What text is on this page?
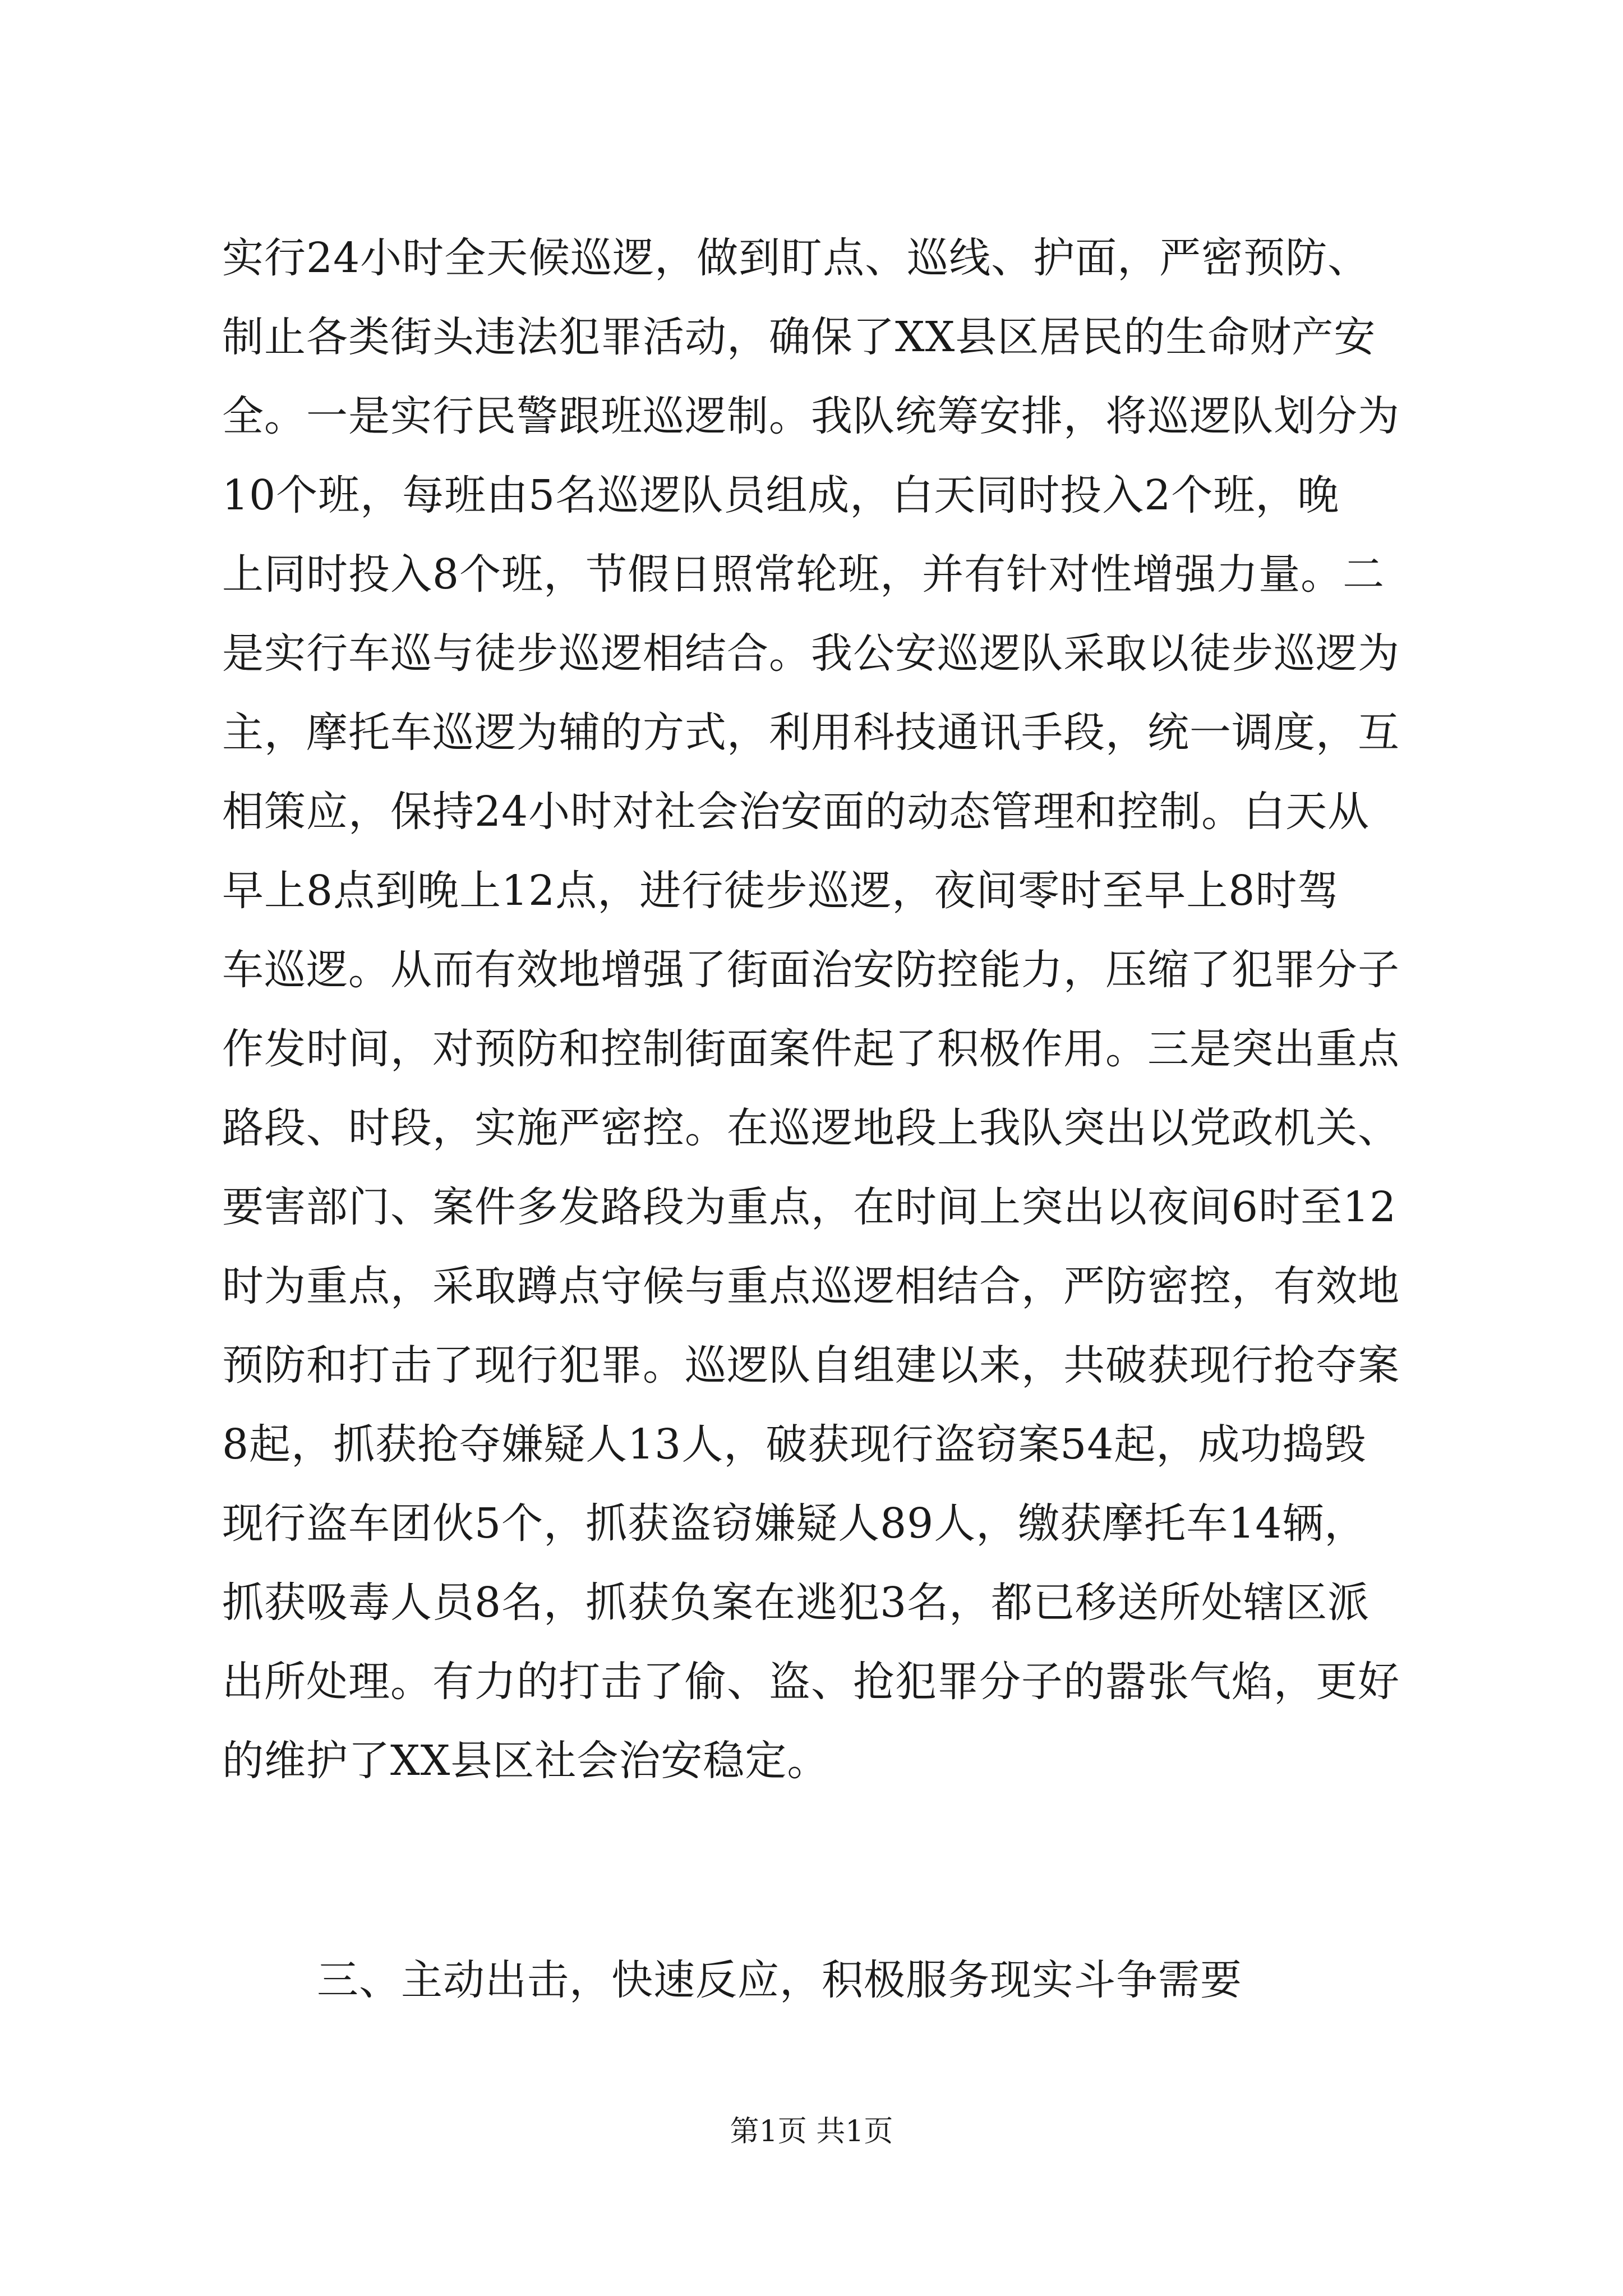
实行24小时全天候巡逻，做到盯点、巡线、护面，严密预防、
制止各类街头违法犯罪活动，确保了XX县区居民的生命财产安
全。一是实行民警跟班巡逻制。我队统筹安排，将巡逻队划分为
10个班，每班由5名巡逻队员组成，白天同时投入2个班，晚
上同时投入8个班，节假日照常轮班，并有针对性增强力量。二
是实行车巡与徒步巡逻相结合。我公安巡逻队采取以徒步巡逻为
主，摩托车巡逻为辅的方式，利用科技通讯手段，统一调度，互
相策应，保持24小时对社会治安面的动态管理和控制。白天从
早上8点到晚上12点，进行徒步巡逻，夜间零时至早上8时驾
车巡逻。从而有效地增强了街面治安防控能力，压缩了犯罪分子
作发时间，对预防和控制街面案件起了积极作用。三是突出重点
路段、时段，实施严密控。在巡逻地段上我队突出以党政机关、
要害部门、案件多发路段为重点，在时间上突出以夜间6时至12
时为重点，采取蹲点守候与重点巡逻相结合，严防密控，有效地
预防和打击了现行犯罪。巡逻队自组建以来，共破获现行抢夺案
8起，抓获抢夺嫌疑人13人，破获现行盗窃案54起，成功捣毁
现行盗车团伙5个，抓获盗窃嫌疑人89人，缴获摩托车14辆，
抓获吸毒人员8名，抓获负案在逃犯3名，都已移送所处辖区派
出所处理。有力的打击了偷、盗、抢犯罪分子的嚣张气焰，更好
的维护了XX县区社会治安稳定。
三、主动出击，快速反应，积极服务现实斗争需要
第1页 共1页
